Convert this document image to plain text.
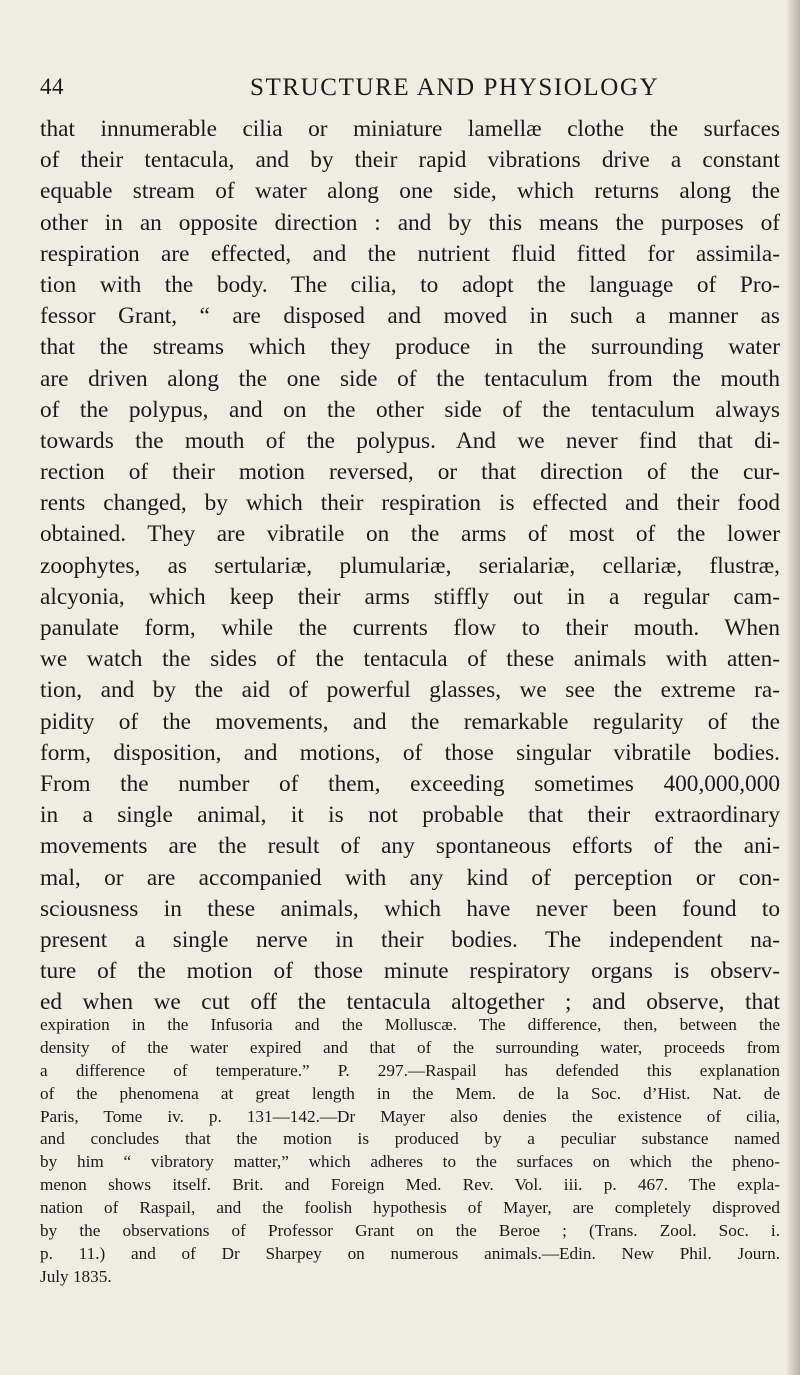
44	STRUCTURE AND PHYSIOLOGY
that innumerable cilia or miniature lamellæ clothe the surfaces
of their tentacula, and by their rapid vibrations drive a constant
equable stream of water along one side, which returns along the
other in an opposite direction : and by this means the purposes of
respiration are effected, and the nutrient fluid fitted for assimila-
tion with the body. The cilia, to adopt the language of Pro-
fessor Grant, “ are disposed and moved in such a manner as
that the streams which they produce in the surrounding water
are driven along the one side of the tentaculum from the mouth
of the polypus, and on the other side of the tentaculum always
towards the mouth of the polypus. And we never find that di-
rection of their motion reversed, or that direction of the cur-
rents changed, by which their respiration is effected and their food
obtained. They are vibratile on the arms of most of the lower
zoophytes, as sertulariæ, plumulariæ, serialariæ, cellariæ, flustræ,
alcyonia, which keep their arms stiffly out in a regular cam-
panulate form, while the currents flow to their mouth. When
we watch the sides of the tentacula of these animals with atten-
tion, and by the aid of powerful glasses, we see the extreme ra-
pidity of the movements, and the remarkable regularity of the
form, disposition, and motions, of those singular vibratile bodies.
From the number of them, exceeding sometimes 400,000,000
in a single animal, it is not probable that their extraordinary
movements are the result of any spontaneous efforts of the ani-
mal, or are accompanied with any kind of perception or con-
sciousness in these animals, which have never been found to
present a single nerve in their bodies. The independent na-
ture of the motion of those minute respiratory organs is observ-
ed when we cut off the tentacula altogether ; and observe, that
expiration in the Infusoria and the Molluscæ. The difference, then, between the
density of the water expired and that of the surrounding water, proceeds from
a difference of temperature.” P. 297.—Raspail has defended this explanation
of the phenomena at great length in the Mem. de la Soc. d’Hist. Nat. de
Paris, Tome iv. p. 131—142.—Dr Mayer also denies the existence of cilia,
and concludes that the motion is produced by a peculiar substance named
by him “ vibratory matter,” which adheres to the surfaces on which the pheno-
menon shows itself. Brit. and Foreign Med. Rev. Vol. iii. p. 467. The expla-
nation of Raspail, and the foolish hypothesis of Mayer, are completely disproved
by the observations of Professor Grant on the Beroe ; (Trans. Zool. Soc. i.
p. 11.) and of Dr Sharpey on numerous animals.—Edin. New Phil. Journ.
July 1835.
